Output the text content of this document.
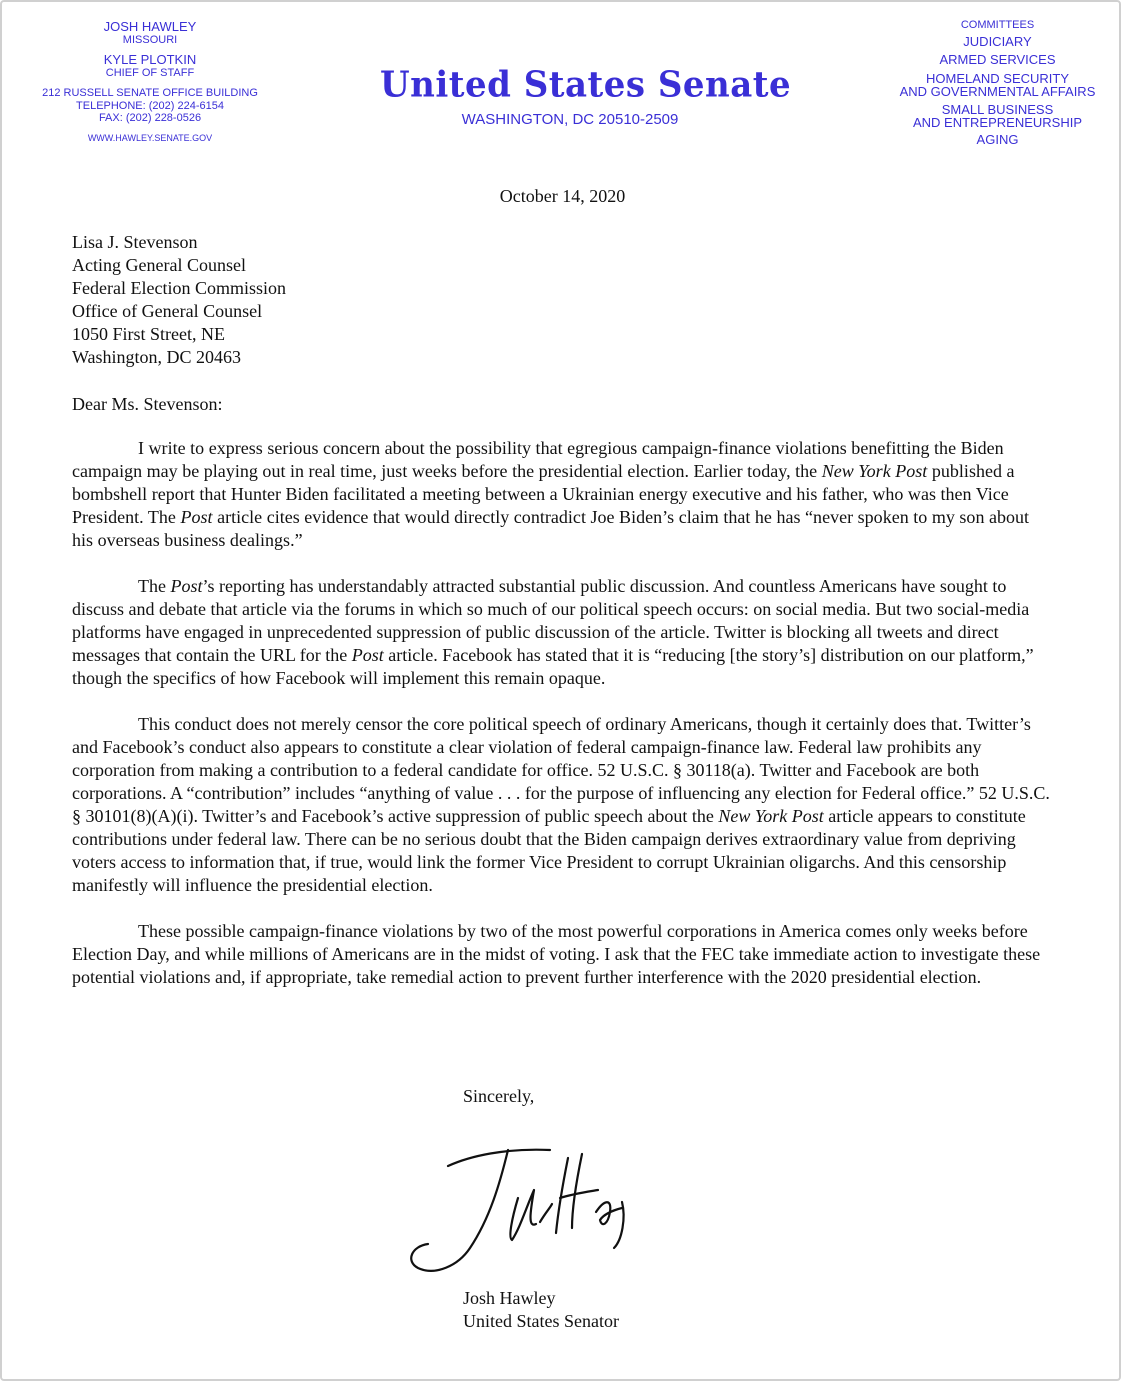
JOSH HAWLEY
MISSOURI
KYLE PLOTKIN
CHIEF OF STAFF
212 RUSSELL SENATE OFFICE BUILDING
TELEPHONE: (202) 224-6154
FAX: (202) 228-0526
WWW.HAWLEY.SENATE.GOV
United States Senate
WASHINGTON, DC 20510-2509
COMMITTEES
JUDICIARY
ARMED SERVICES
HOMELAND SECURITY
AND GOVERNMENTAL AFFAIRS
SMALL BUSINESS
AND ENTREPRENEURSHIP
AGING
October 14, 2020
Lisa J. Stevenson
Acting General Counsel
Federal Election Commission
Office of General Counsel
1050 First Street, NE
Washington, DC 20463
Dear Ms. Stevenson:

I write to express serious concern about the possibility that egregious campaign-finance violations benefitting the Biden campaign may be playing out in real time, just weeks before the presidential election. Earlier today, the New York Post published a bombshell report that Hunter Biden facilitated a meeting between a Ukrainian energy executive and his father, who was then Vice President. The Post article cites evidence that would directly contradict Joe Biden’s claim that he has “never spoken to my son about his overseas business dealings.”

The Post’s reporting has understandably attracted substantial public discussion. And countless Americans have sought to discuss and debate that article via the forums in which so much of our political speech occurs: on social media. But two social-media platforms have engaged in unprecedented suppression of public discussion of the article. Twitter is blocking all tweets and direct messages that contain the URL for the Post article. Facebook has stated that it is “reducing [the story’s] distribution on our platform,” though the specifics of how Facebook will implement this remain opaque.

This conduct does not merely censor the core political speech of ordinary Americans, though it certainly does that. Twitter’s and Facebook’s conduct also appears to constitute a clear violation of federal campaign-finance law. Federal law prohibits any corporation from making a contribution to a federal candidate for office. 52 U.S.C. § 30118(a). Twitter and Facebook are both corporations. A “contribution” includes “anything of value . . . for the purpose of influencing any election for Federal office.” 52 U.S.C. § 30101(8)(A)(i). Twitter’s and Facebook’s active suppression of public speech about the New York Post article appears to constitute contributions under federal law. There can be no serious doubt that the Biden campaign derives extraordinary value from depriving voters access to information that, if true, would link the former Vice President to corrupt Ukrainian oligarchs. And this censorship manifestly will influence the presidential election.

These possible campaign-finance violations by two of the most powerful corporations in America comes only weeks before Election Day, and while millions of Americans are in the midst of voting. I ask that the FEC take immediate action to investigate these potential violations and, if appropriate, take remedial action to prevent further interference with the 2020 presidential election.

Sincerely,
Josh Hawley
United States Senator
